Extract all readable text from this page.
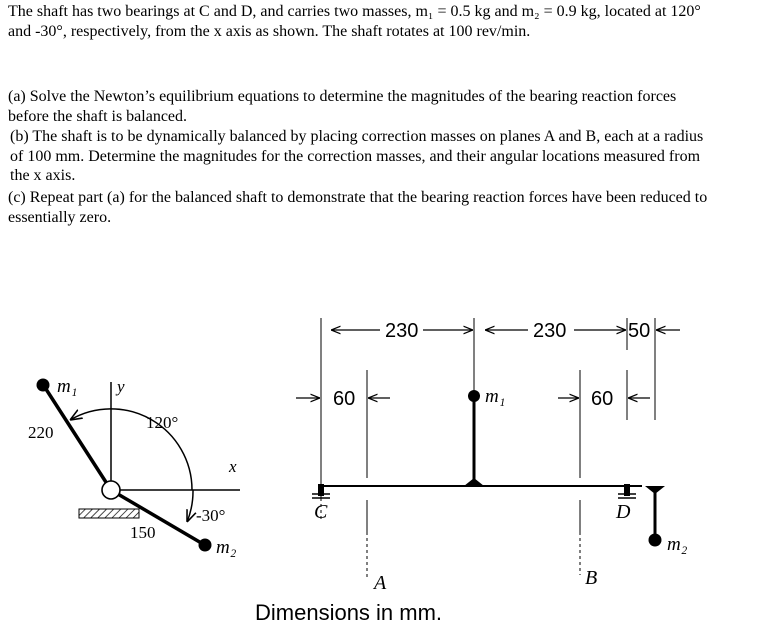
The shaft has two bearings at C and D, and carries two masses, m₁ = 0.5 kg and m₂ = 0.9 kg, located at 120° and -30°, respectively, from the x axis as shown. The shaft rotates at 100 rev/min.

(a) Solve the Newton’s equilibrium equations to determine the magnitudes of the bearing reaction forces before the shaft is balanced.

(b) The shaft is to be dynamically balanced by placing correction masses on planes A and B, each at a radius of 100 mm. Determine the magnitudes for the correction masses, and their angular locations measured from the x axis.

(c) Repeat part (a) for the balanced shaft to demonstrate that the bearing reaction forces have been reduced to essentially zero.

m₁ y
x
120°
-30°
220
150
m₂
230	230	50
60	60
m₁
m₂
C	D
A	B
Dimensions in mm.
